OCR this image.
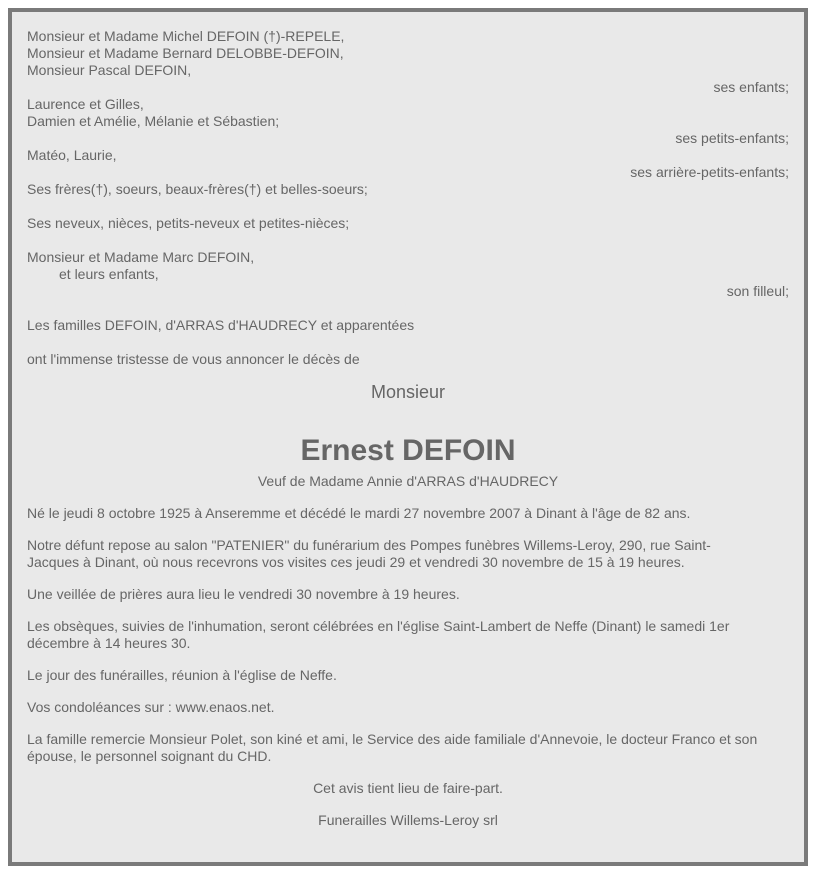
Monsieur et Madame Michel DEFOIN (†)-REPELE,
Monsieur et Madame Bernard DELOBBE-DEFOIN,
Monsieur Pascal DEFOIN,
ses enfants;
Laurence et Gilles,
Damien et Amélie, Mélanie et Sébastien;
ses petits-enfants;
Matéo, Laurie,
ses arrière-petits-enfants;
Ses frères(†), soeurs, beaux-frères(†) et belles-soeurs;
Ses neveux, nièces, petits-neveux et petites-nièces;
Monsieur et Madame Marc DEFOIN,
et leurs enfants,
son filleul;
Les familles DEFOIN, d'ARRAS d'HAUDRECY et apparentées
ont l'immense tristesse de vous annoncer le décès de
Monsieur
Ernest DEFOIN
Veuf de Madame Annie d'ARRAS d'HAUDRECY
Né le jeudi 8 octobre 1925 à Anseremme et décédé le mardi 27 novembre 2007 à Dinant à l'âge de 82 ans.
Notre défunt repose au salon "PATENIER" du funérarium des Pompes funèbres Willems-Leroy, 290, rue Saint-
Jacques à Dinant, où nous recevrons vos visites ces jeudi 29 et vendredi 30 novembre de 15 à 19 heures.
Une veillée de prières aura lieu le vendredi 30 novembre à 19 heures.
Les obsèques, suivies de l'inhumation, seront célébrées en l'église Saint-Lambert de Neffe (Dinant) le samedi 1er
décembre à 14 heures 30.
Le jour des funérailles, réunion à l'église de Neffe.
Vos condoléances sur : www.enaos.net.
La famille remercie Monsieur Polet, son kiné et ami, le Service des aide familiale d'Annevoie, le docteur Franco et son
épouse, le personnel soignant du CHD.
Cet avis tient lieu de faire-part.
Funerailles Willems-Leroy srl
